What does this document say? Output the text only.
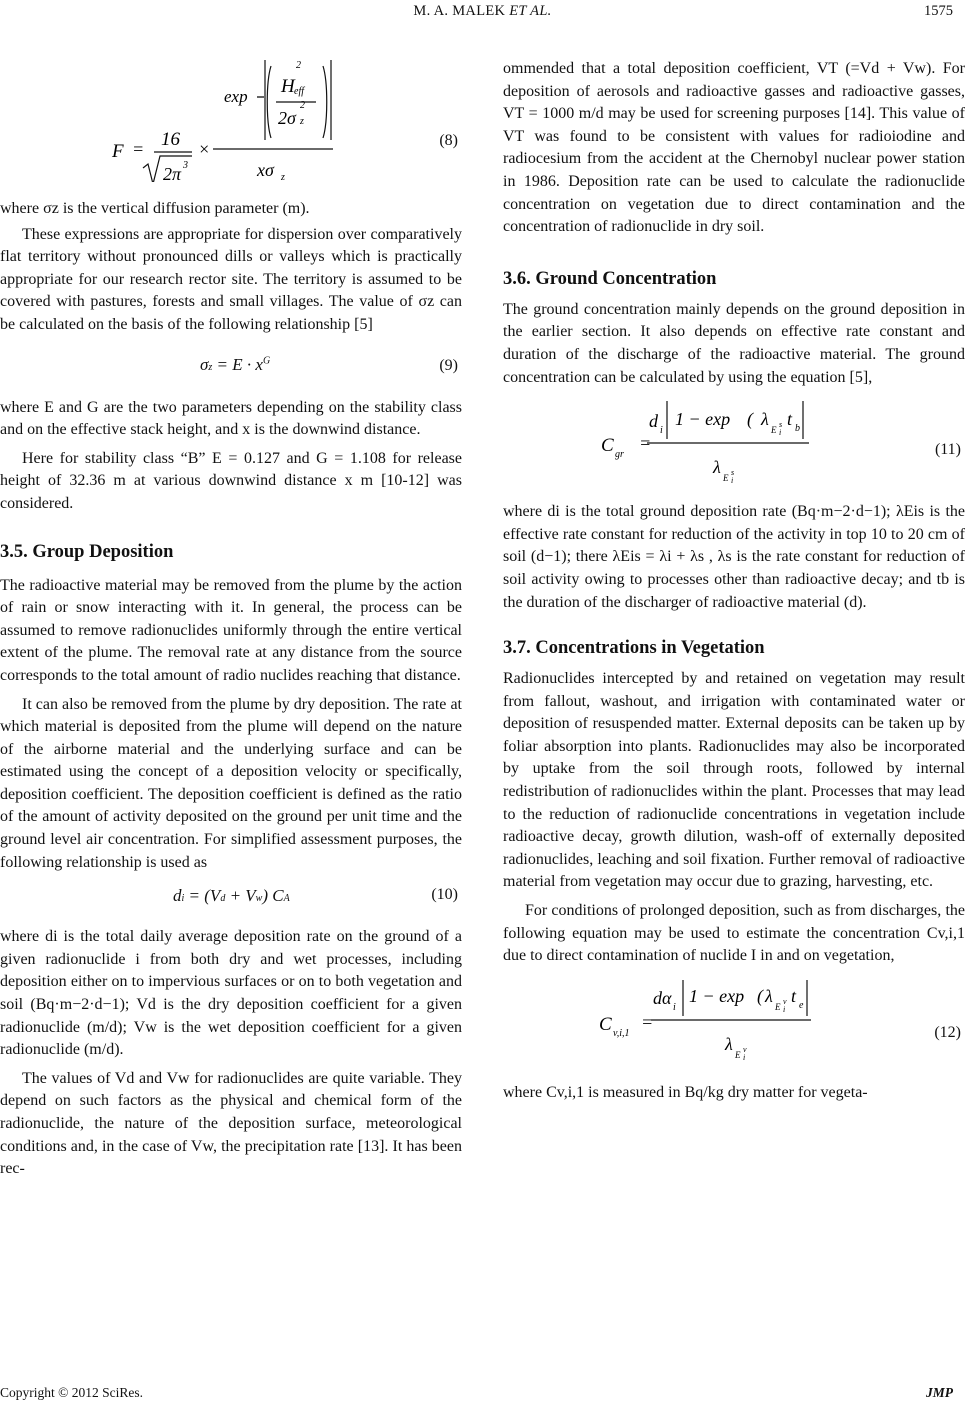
M. A. MALEK ET AL.	1575
2
eff
2
z
exp H
2σ
xσ z
F = 16
2π 3
×	(8)

where σz is the vertical diffusion parameter (m).

These expressions are appropriate for dispersion over comparatively flat territory without pronounced dills or valleys which is practically appropriate for our research rector site. The territory is assumed to be covered with pastures, forests and small villages. The value of σz can be calculated on the basis of the following relationship [5]

$\sigma z = E \cdot x^G$	(9)

where E and G are the two parameters depending on the stability class and on the effective stack height, and x is the downwind distance.

Here for stability class “B” E = 0.127 and G = 1.108 for release height of 32.36 m at various downwind distance x m [10-12] was considered.

3.5. Group Deposition

The radioactive material may be removed from the plume by the action of rain or snow interacting with it. In general, the process can be assumed to remove radionuclides uniformly through the entire vertical extent of the plume. The removal rate at any distance from the source corresponds to the total amount of radio nuclides reaching that distance.

It can also be removed from the plume by dry deposition. The rate at which material is deposited from the plume will depend on the nature of the airborne material and the underlying surface and can be estimated using the concept of a deposition velocity or specifically, deposition coefficient. The deposition coefficient is defined as the ratio of the amount of activity deposited on the ground per unit time and the ground level air concentration. For simplified assessment purposes, the following relationship is used as

di = (Vd + Vw) CA	(10)

where di is the total daily average deposition rate on the ground of a given radionuclide i from both dry and wet processes, including deposition either on to impervious surfaces or on to both vegetation and soil (Bq·m−2·d−1); Vd is the dry deposition coefficient for a given radionuclide (m/d); Vw is the wet deposition coefficient for a given radionuclide (m/d).

The values of Vd and Vw for radionuclides are quite variable. They depend on such factors as the physical and chemical form of the radionuclide, the nature of the deposition surface, meteorological conditions and, in the case of Vw, the precipitation rate [13]. It has been rec-

ommended that a total deposition coefficient, VT (=Vd + Vw). For deposition of aerosols and radioactive gasses and radioactive gasses, VT = 1000 m/d may be used for screening purposes [14]. This value of VT was found to be consistent with values for radioiodine and radiocesium from the accident at the Chernobyl nuclear power station in 1986. Deposition rate can be used to calculate the radionuclide concentration on vegetation due to direct contamination and the concentration of radionuclide in dry soil.

3.6. Ground Concentration

The ground concentration mainly depends on the ground deposition in the earlier section. It also depends on effective rate constant and duration of the discharge of the radioactive material. The ground concentration can be calculated by using the equation [5],

C gr
=
d i
1 − exp ( λ
E i
s t b
λ
E i
s
(11)

where di is the total ground deposition rate (Bq·m−2·d−1); λEis is the effective rate constant for reduction of the activity in top 10 to 20 cm of soil (d−1); there λEis = λi + λs , λs is the rate constant for reduction of soil activity owing to processes other than radioactive decay; and tb is the duration of the discharger of radioactive material (d).

3.7. Concentrations in Vegetation

Radionuclides intercepted by and retained on vegetation may result from fallout, washout, and irrigation with contaminated water or deposition of resuspended matter. External deposits can be taken up by foliar absorption into plants. Radionuclides may also be incorporated by uptake from the soil through roots, followed by internal redistribution of radionuclides within the plant. Processes that may lead to the reduction of radionuclide concentrations in vegetation include radioactive decay, growth dilution, wash-off of externally deposited radionuclides, leaching and soil fixation. Further removal of radioactive material from vegetation may occur due to grazing, harvesting, etc.

For conditions of prolonged deposition, such as from discharges, the following equation may be used to estimate the concentration Cv,i,1 due to direct contamination of nuclide I in and on vegetation,

C v,i,1
=
dα i
1 − exp ( λ
E i
v t e
λ
E i
v
(12)

where Cv,i,1 is measured in Bq/kg dry matter for vegeta-

Copyright © 2012 SciRes.	JMP
